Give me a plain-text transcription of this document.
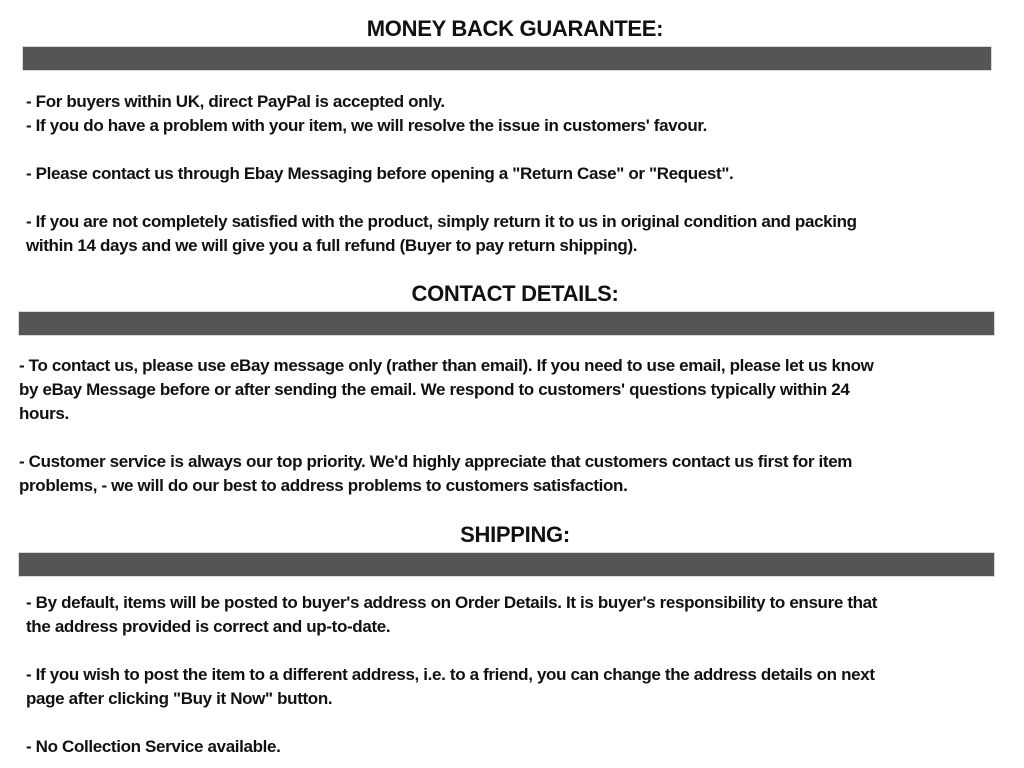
MONEY BACK GUARANTEE:
- For buyers within UK, direct PayPal is accepted only.
- If you do have a problem with your item, we will resolve the issue in customers' favour.
- Please contact us through Ebay Messaging before opening a "Return Case" or "Request".
- If you are not completely satisfied with the product, simply return it to us in original condition and packing
within 14 days and we will give you a full refund (Buyer to pay return shipping).
CONTACT DETAILS:
- To contact us, please use eBay message only (rather than email). If you need to use email, please let us know
by eBay Message before or after sending the email. We respond to customers' questions typically within 24
hours.
- Customer service is always our top priority. We'd highly appreciate that customers contact us first for item
problems, - we will do our best to address problems to customers satisfaction.
SHIPPING:
- By default, items will be posted to buyer's address on Order Details. It is buyer's responsibility to ensure that
the address provided is correct and up-to-date.
- If you wish to post the item to a different address, i.e. to a friend, you can change the address details on next
page after clicking "Buy it Now" button.
- No Collection Service available.
